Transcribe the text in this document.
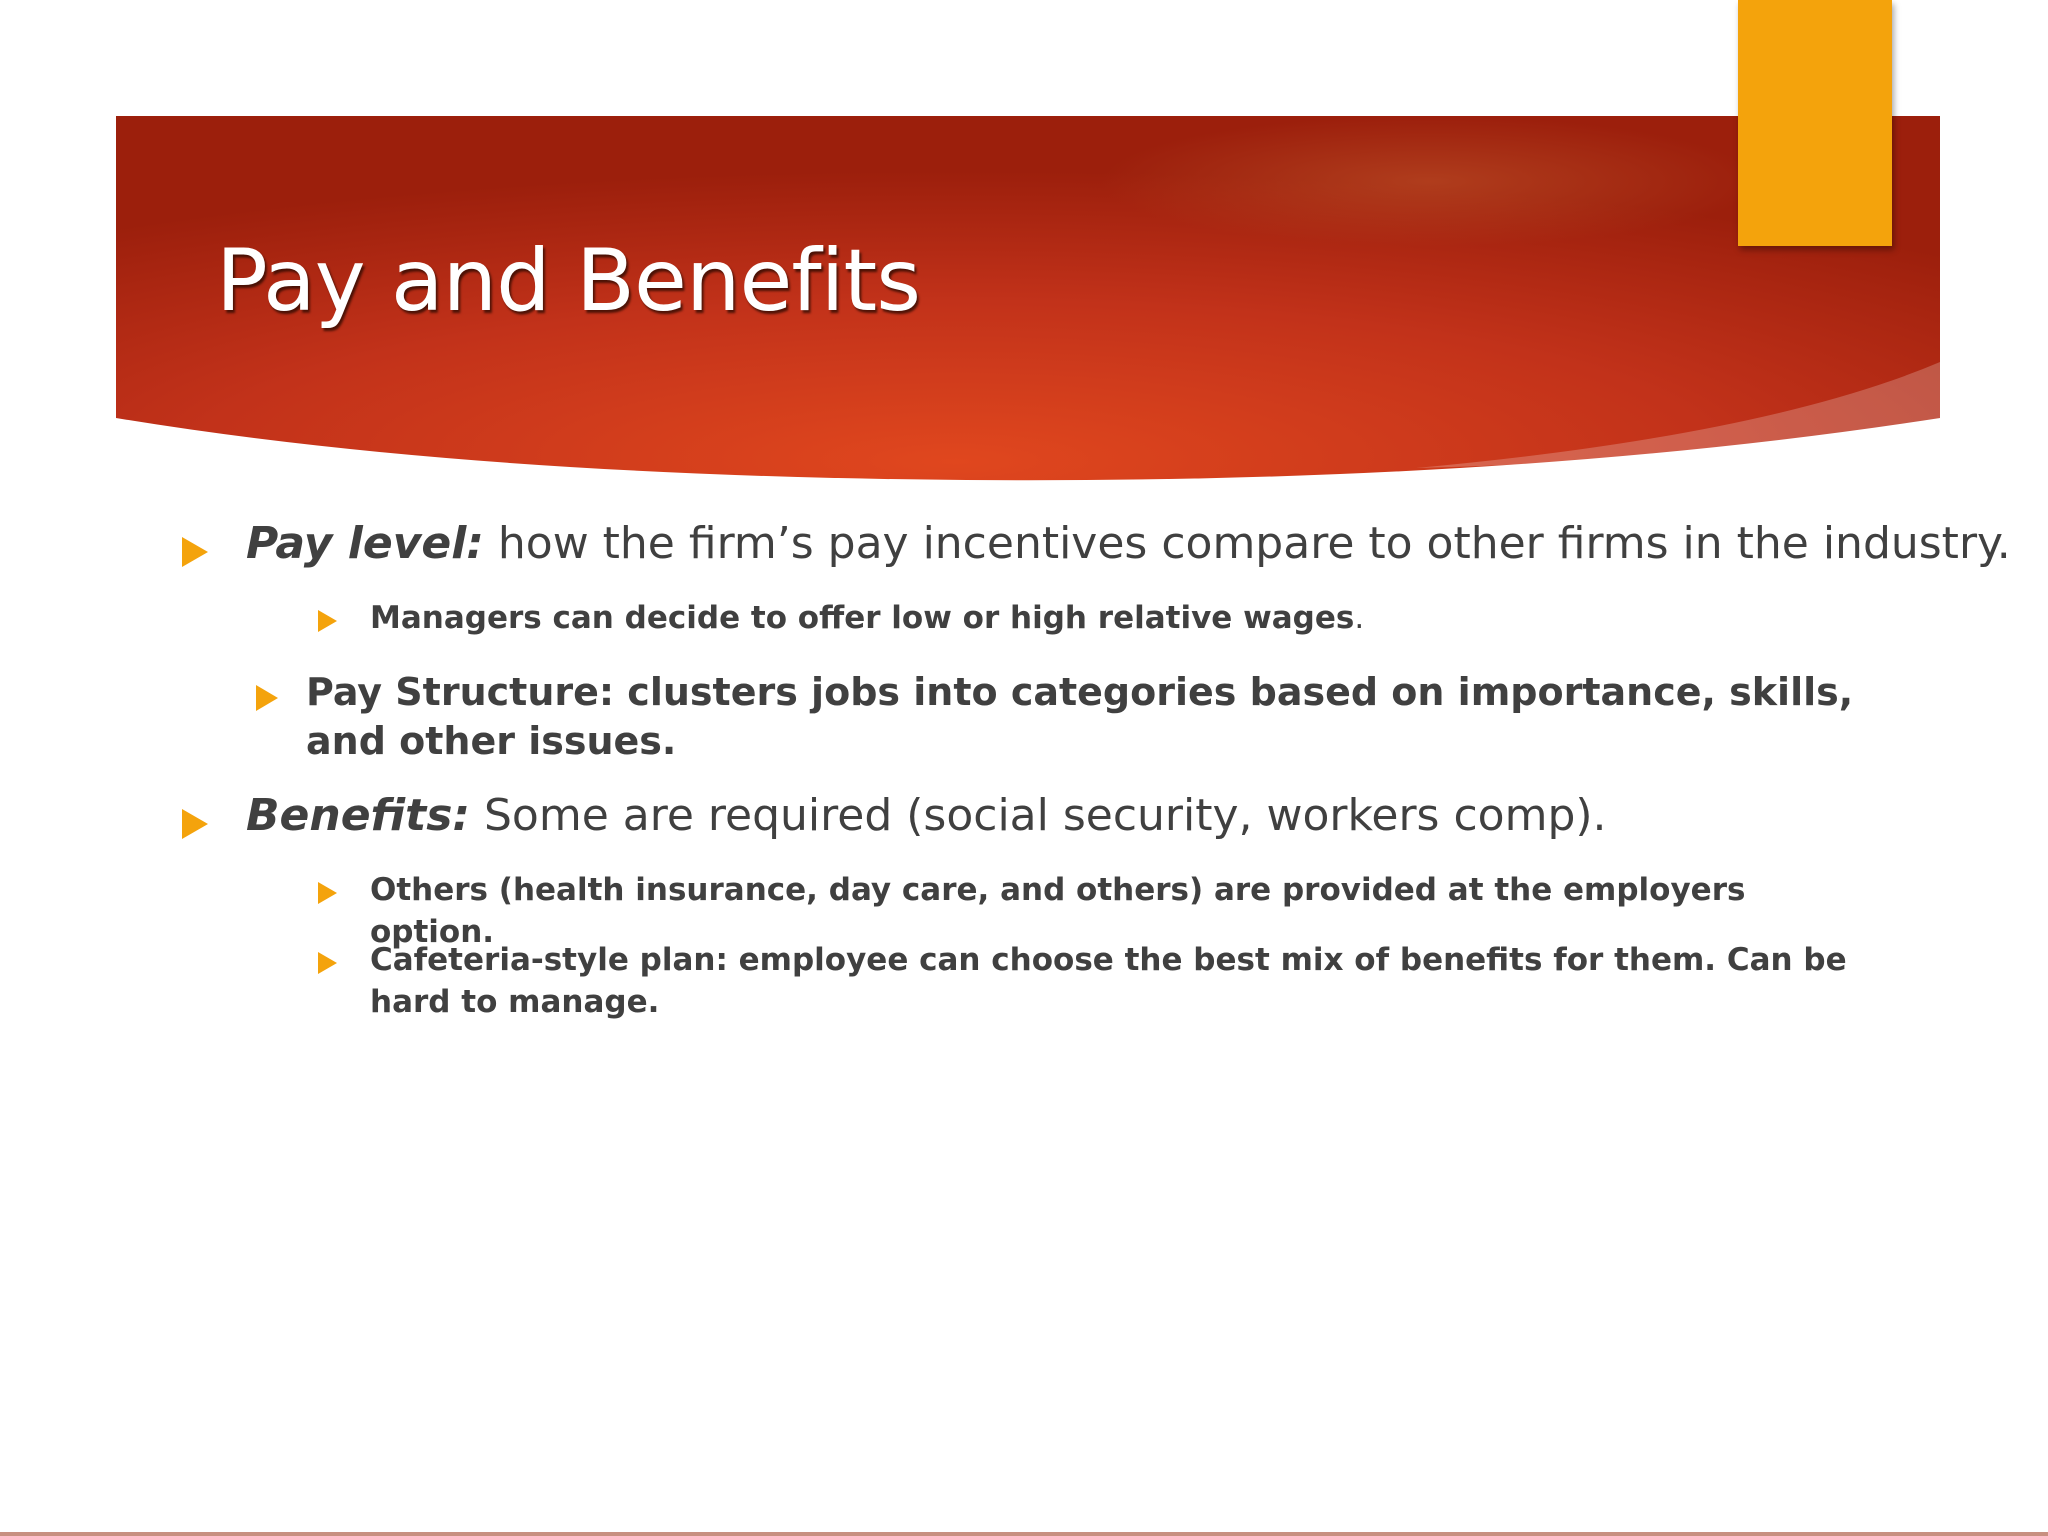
Pay and Benefits
Pay level: how the firm’s pay incentives compare to other firms in the industry.
Managers can decide to offer low or high relative wages.
Pay Structure: clusters jobs into categories based on importance, skills, and other issues.
Benefits: Some are required (social security, workers comp).
Others (health insurance, day care, and others) are provided at the employers option.
Cafeteria-style plan: employee can choose the best mix of benefits for them. Can be hard to manage.
